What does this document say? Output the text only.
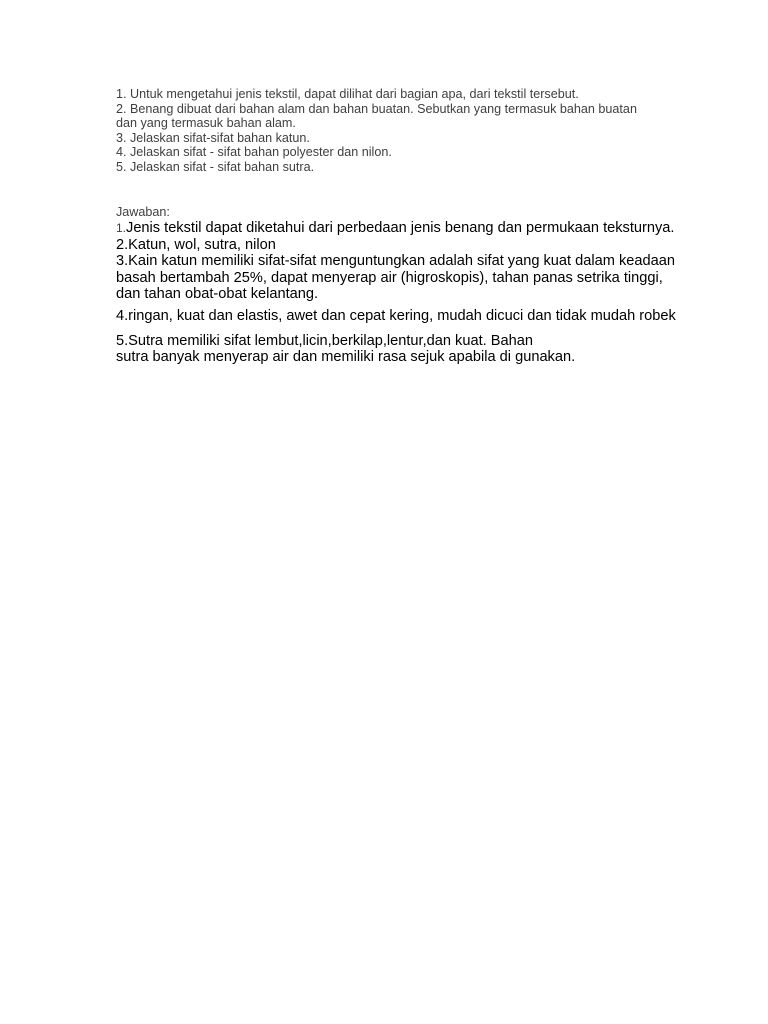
1. Untuk mengetahui jenis tekstil, dapat dilihat dari bagian apa, dari tekstil tersebut.

2. Benang dibuat dari bahan alam dan bahan buatan. Sebutkan yang termasuk bahan buatan dan yang termasuk bahan alam.

3. Jelaskan sifat-sifat bahan katun.

4. Jelaskan sifat - sifat bahan polyester dan nilon.

5. Jelaskan sifat - sifat bahan sutra.

Jawaban:

1.Jenis tekstil dapat diketahui dari perbedaan jenis benang dan permukaan teksturnya.

2.Katun, wol, sutra, nilon

3.Kain katun memiliki sifat-sifat menguntungkan adalah sifat yang kuat dalam keadaan basah bertambah 25%, dapat menyerap air (higroskopis), tahan panas setrika tinggi, dan tahan obat-obat kelantang.

4.ringan, kuat dan elastis, awet dan cepat kering, mudah dicuci dan tidak mudah robek

5.Sutra memiliki sifat lembut,licin,berkilap,lentur,dan kuat. Bahan
sutra banyak menyerap air dan memiliki rasa sejuk apabila di gunakan.
